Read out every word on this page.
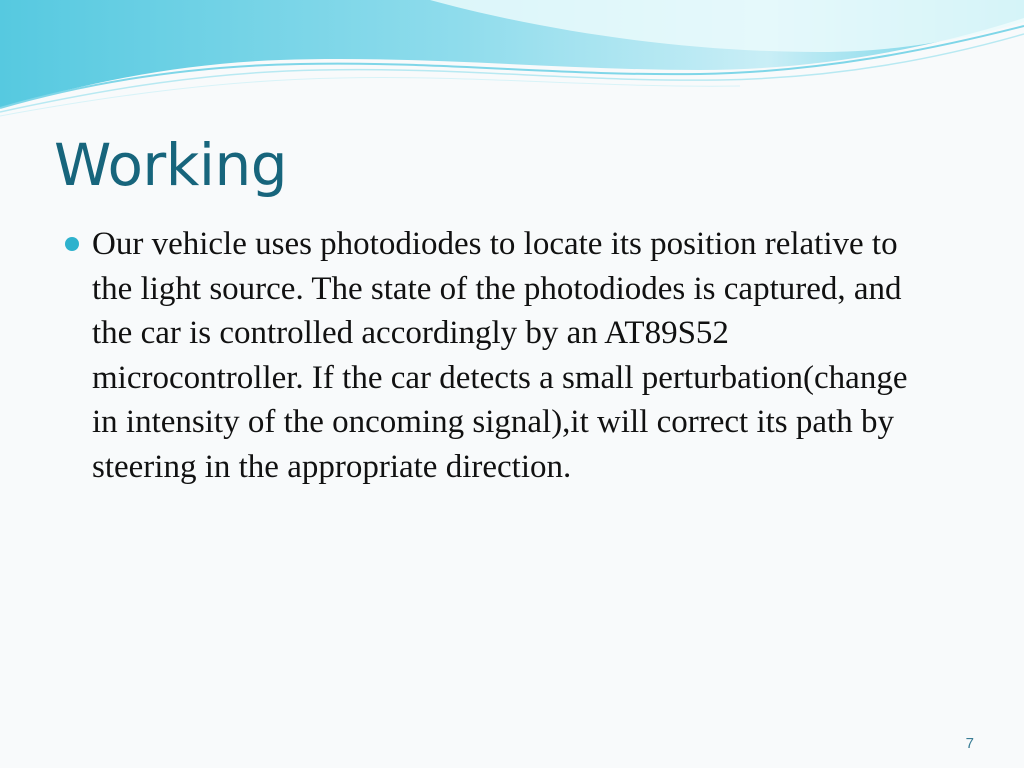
Working

Our vehicle uses photodiodes to locate its position relative to the light source. The state of the photodiodes is captured, and the car is controlled accordingly by an AT89S52 microcontroller. If the car detects a small perturbation(change in intensity of the oncoming signal),it will correct its path by steering in the appropriate direction.

7
